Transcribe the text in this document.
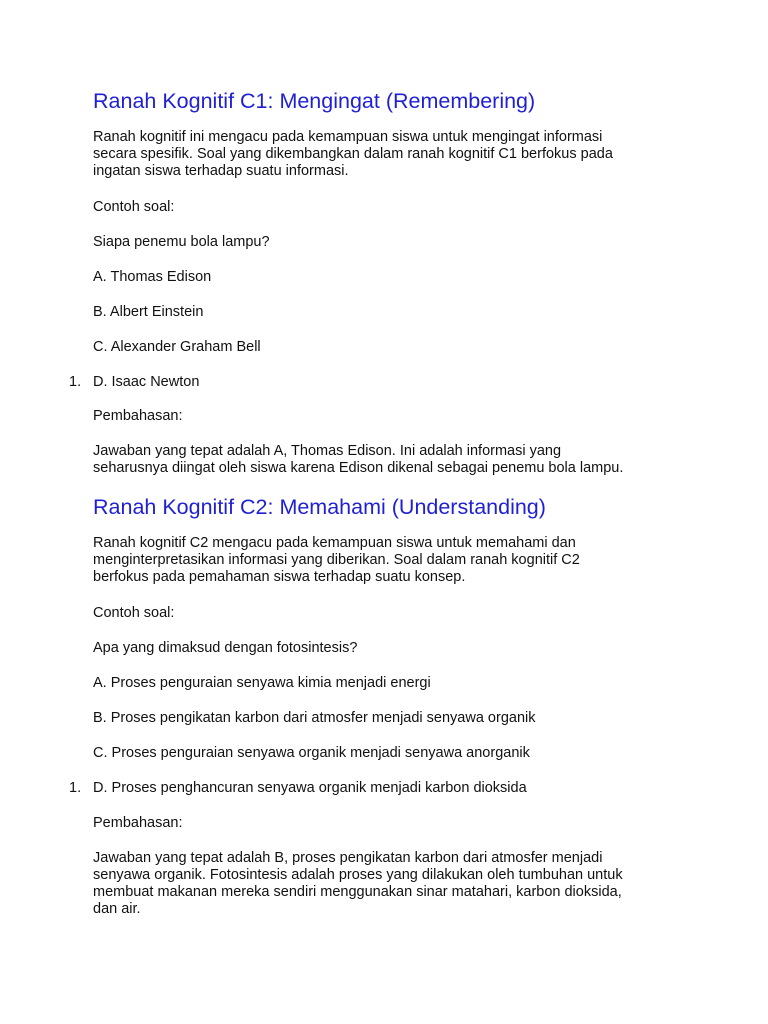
Ranah Kognitif C1: Mengingat (Remembering)

Ranah kognitif ini mengacu pada kemampuan siswa untuk mengingat informasi
secara spesifik. Soal yang dikembangkan dalam ranah kognitif C1 berfokus pada
ingatan siswa terhadap suatu informasi.

Contoh soal:

Siapa penemu bola lampu?

A. Thomas Edison

B. Albert Einstein

C. Alexander Graham Bell

1. D. Isaac Newton

Pembahasan:

Jawaban yang tepat adalah A, Thomas Edison. Ini adalah informasi yang
seharusnya diingat oleh siswa karena Edison dikenal sebagai penemu bola lampu.

Ranah Kognitif C2: Memahami (Understanding)

Ranah kognitif C2 mengacu pada kemampuan siswa untuk memahami dan
menginterpretasikan informasi yang diberikan. Soal dalam ranah kognitif C2
berfokus pada pemahaman siswa terhadap suatu konsep.

Contoh soal:

Apa yang dimaksud dengan fotosintesis?

A. Proses penguraian senyawa kimia menjadi energi

B. Proses pengikatan karbon dari atmosfer menjadi senyawa organik

C. Proses penguraian senyawa organik menjadi senyawa anorganik

1. D. Proses penghancuran senyawa organik menjadi karbon dioksida

Pembahasan:

Jawaban yang tepat adalah B, proses pengikatan karbon dari atmosfer menjadi
senyawa organik. Fotosintesis adalah proses yang dilakukan oleh tumbuhan untuk
membuat makanan mereka sendiri menggunakan sinar matahari, karbon dioksida,
dan air.
